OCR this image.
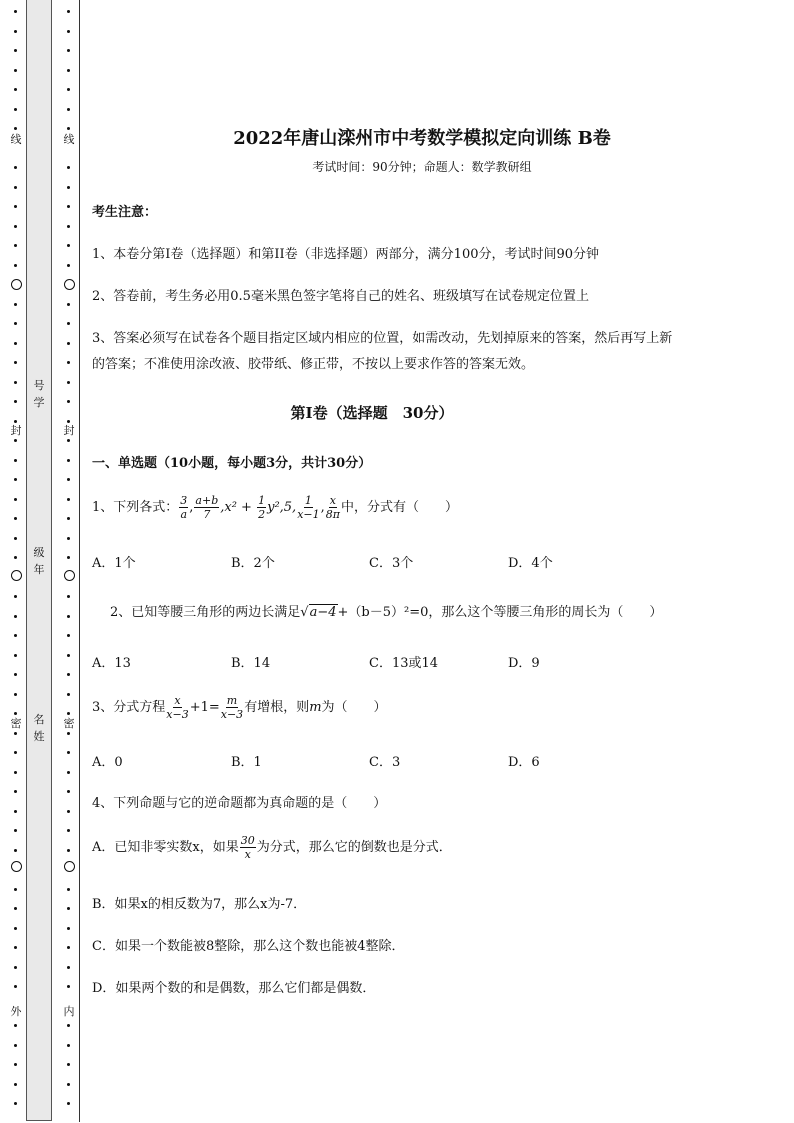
线
封
密
外
线
封
密
内
号
学
级
年
名
姓
2022年唐山滦州市中考数学模拟定向训练 B卷
考试时间：90分钟；命题人：数学教研组
考生注意：
1、本卷分第I卷（选择题）和第II卷（非选择题）两部分，满分100分，考试时间90分钟
2、答卷前，考生务必用0.5毫米黑色签字笔将自己的姓名、班级填写在试卷规定位置上
3、答案必须写在试卷各个题目指定区域内相应的位置，如需改动，先划掉原来的答案，然后再写上新
的答案；不准使用涂改液、胶带纸、修正带，不按以上要求作答的答案无效。
第I卷（选择题　30分）
一、单选题（10小题，每小题3分，共计30分）
1、下列各式： $\frac{3}{a}$ , $\frac{a+b}{7} ,x^2 + \frac{1}{2} y^2,5$, $\frac{1}{x-1}$ , $\frac{x}{8\pi}$ 中，分式有（　　）
A．1个	B．2个	C．3个	D．4个
2、已知等腰三角形的两边长满足√a−4+（b－5）²=0，那么这个等腰三角形的周长为（　　）
A．13	B．14	C．13或14	D．9
3、分式方程 $\frac{x}{x-3} +1= \frac{m}{x-3}$ 有增根，则m为（　　）
A．0	B．1	C．3	D．6
4、下列命题与它的逆命题都为真命题的是（　　）
A．已知非零实数x，如果 $\frac{30}{x}$ 为分式，那么它的倒数也是分式．
B．如果x的相反数为7，那么x为-7．
C．如果一个数能被8整除，那么这个数也能被4整除．
D．如果两个数的和是偶数，那么它们都是偶数．
